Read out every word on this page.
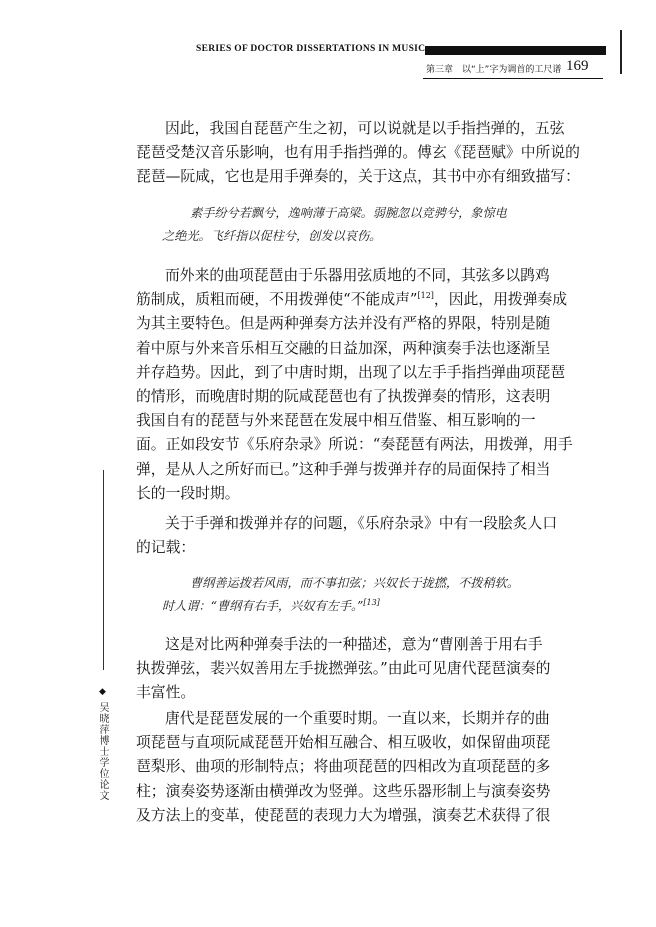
SERIES OF DOCTOR DISSERTATIONS IN MUSIC
第三章　以“上”字为调首的工尺谱 169
◆
吴晓萍博士学位论文
因此，我国自琵琶产生之初，可以说就是以手指挡弹的，五弦
琵琶受楚汉音乐影响，也有用手指挡弹的。傅玄《琵琶赋》中所说的
琵琶—阮咸，它也是用手弹奏的，关于这点，其书中亦有细致描写：
素手纷兮若飘兮，逸响薄于高梁。弱腕忽以竞骋兮，象惊电
之绝光。飞纤指以促柱兮，创发以哀伤。
而外来的曲项琵琶由于乐器用弦质地的不同，其弦多以鹍鸡
筋制成，质粗而硬，不用拨弹使“不能成声”[12]，因此，用拨弹奏成
为其主要特色。但是两种弹奏方法并没有严格的界限，特别是随
着中原与外来音乐相互交融的日益加深，两种演奏手法也逐渐呈
并存趋势。因此，到了中唐时期，出现了以左手手指挡弹曲项琵琶
的情形，而晚唐时期的阮咸琵琶也有了执拨弹奏的情形，这表明
我国自有的琵琶与外来琵琶在发展中相互借鉴、相互影响的一
面。正如段安节《乐府杂录》所说：“奏琵琶有两法，用拨弹，用手
弹，是从人之所好而已。”这种手弹与拨弹并存的局面保持了相当
长的一段时期。
关于手弹和拨弹并存的问题，《乐府杂录》中有一段脍炙人口
的记载：
曹纲善运拨若风雨，而不事扣弦；兴奴长于拢撚，不拨稍软。
时人谓：“曹纲有右手，兴奴有左手。”[13]
这是对比两种弹奏手法的一种描述，意为“曹刚善于用右手
执拨弹弦，裴兴奴善用左手拢撚弹弦。”由此可见唐代琵琶演奏的
丰富性。
唐代是琵琶发展的一个重要时期。一直以来，长期并存的曲
项琵琶与直项阮咸琵琶开始相互融合、相互吸收，如保留曲项琵
琶梨形、曲项的形制特点；将曲项琵琶的四相改为直项琵琶的多
柱；演奏姿势逐渐由横弹改为竖弹。这些乐器形制上与演奏姿势
及方法上的变革，使琵琶的表现力大为增强，演奏艺术获得了很
